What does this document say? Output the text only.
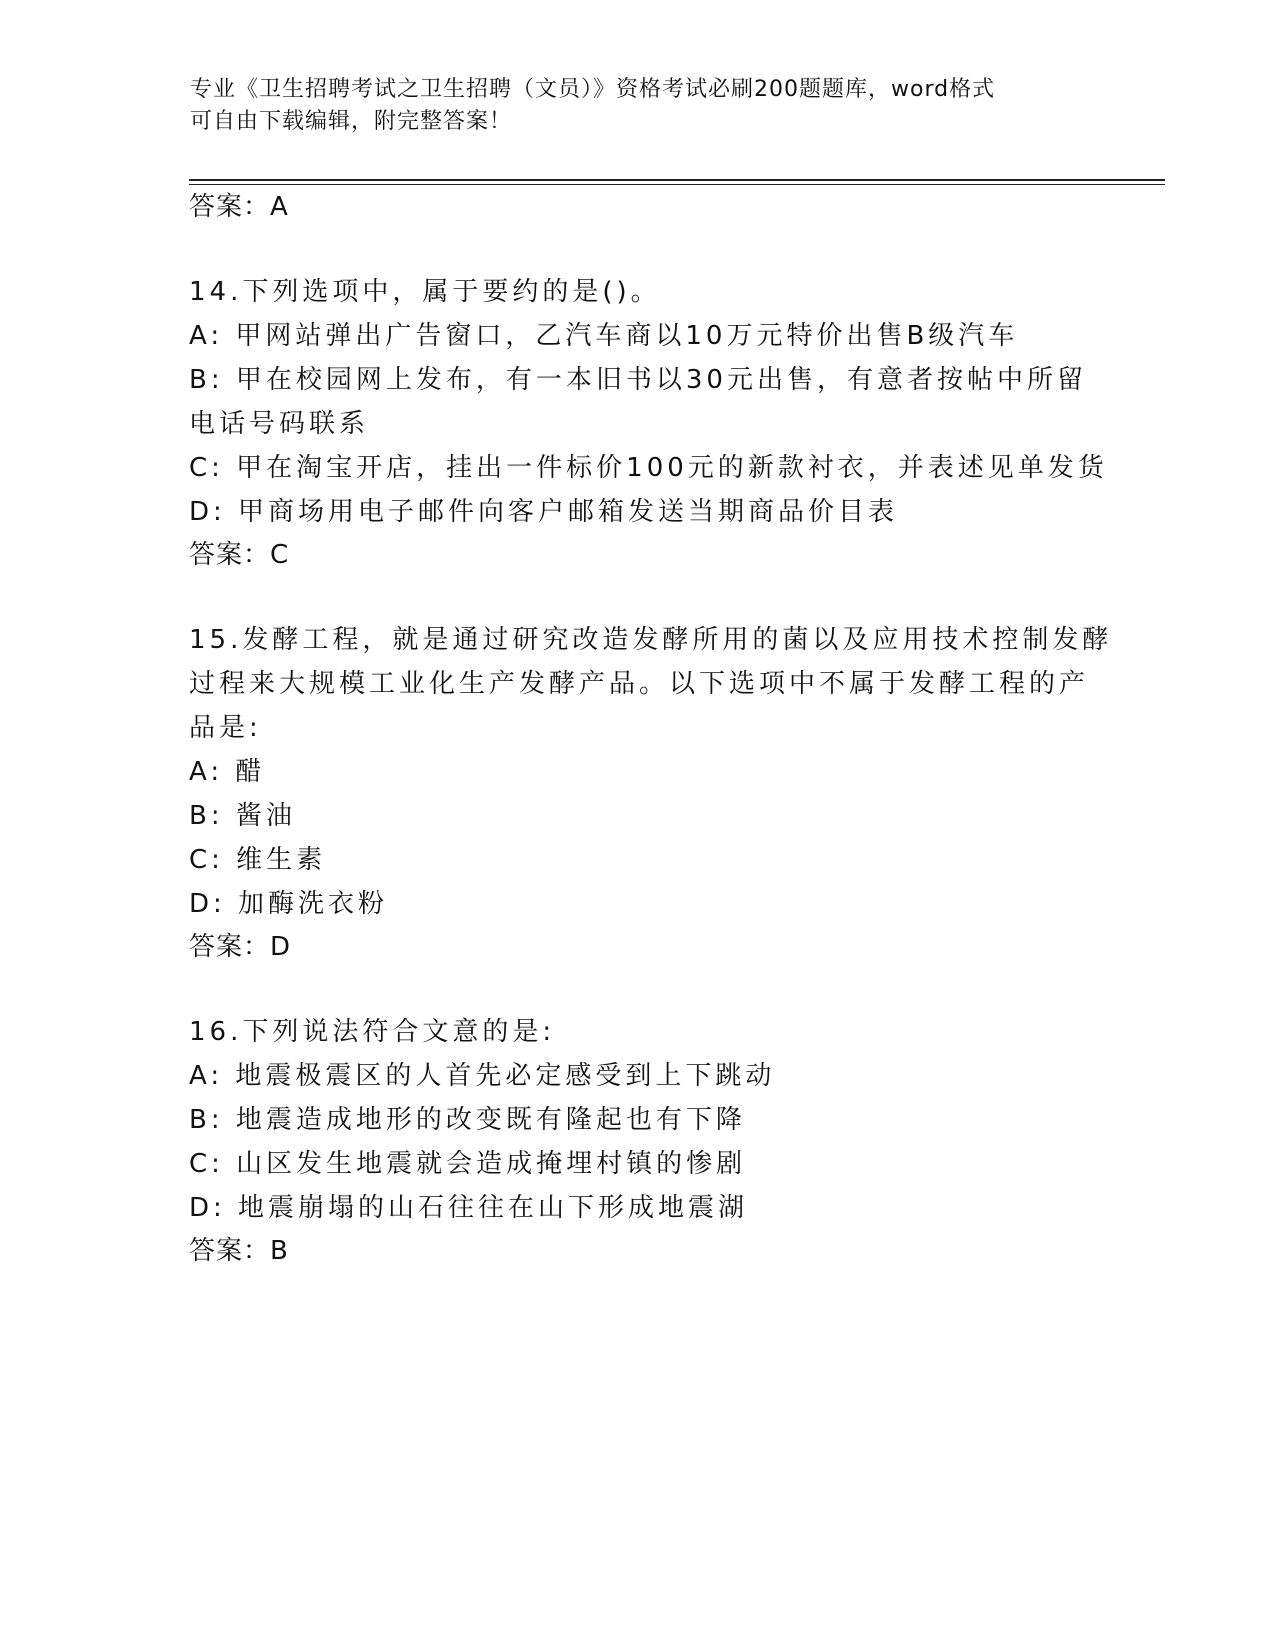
专业《卫生招聘考试之卫生招聘（文员）》资格考试必刷200题题库，word格式
可自由下载编辑，附完整答案！
答案：A
14.下列选项中，属于要约的是()。
A: 甲网站弹出广告窗口，乙汽车商以10万元特价出售B级汽车
B: 甲在校园网上发布，有一本旧书以30元出售，有意者按帖中所留
电话号码联系
C: 甲在淘宝开店，挂出一件标价100元的新款衬衣，并表述见单发货
D: 甲商场用电子邮件向客户邮箱发送当期商品价目表
答案：C
15.发酵工程，就是通过研究改造发酵所用的菌以及应用技术控制发酵
过程来大规模工业化生产发酵产品。以下选项中不属于发酵工程的产
品是:
A: 醋
B: 酱油
C: 维生素
D: 加酶洗衣粉
答案：D
16.下列说法符合文意的是:
A: 地震极震区的人首先必定感受到上下跳动
B: 地震造成地形的改变既有隆起也有下降
C: 山区发生地震就会造成掩埋村镇的惨剧
D: 地震崩塌的山石往往在山下形成地震湖
答案：B
